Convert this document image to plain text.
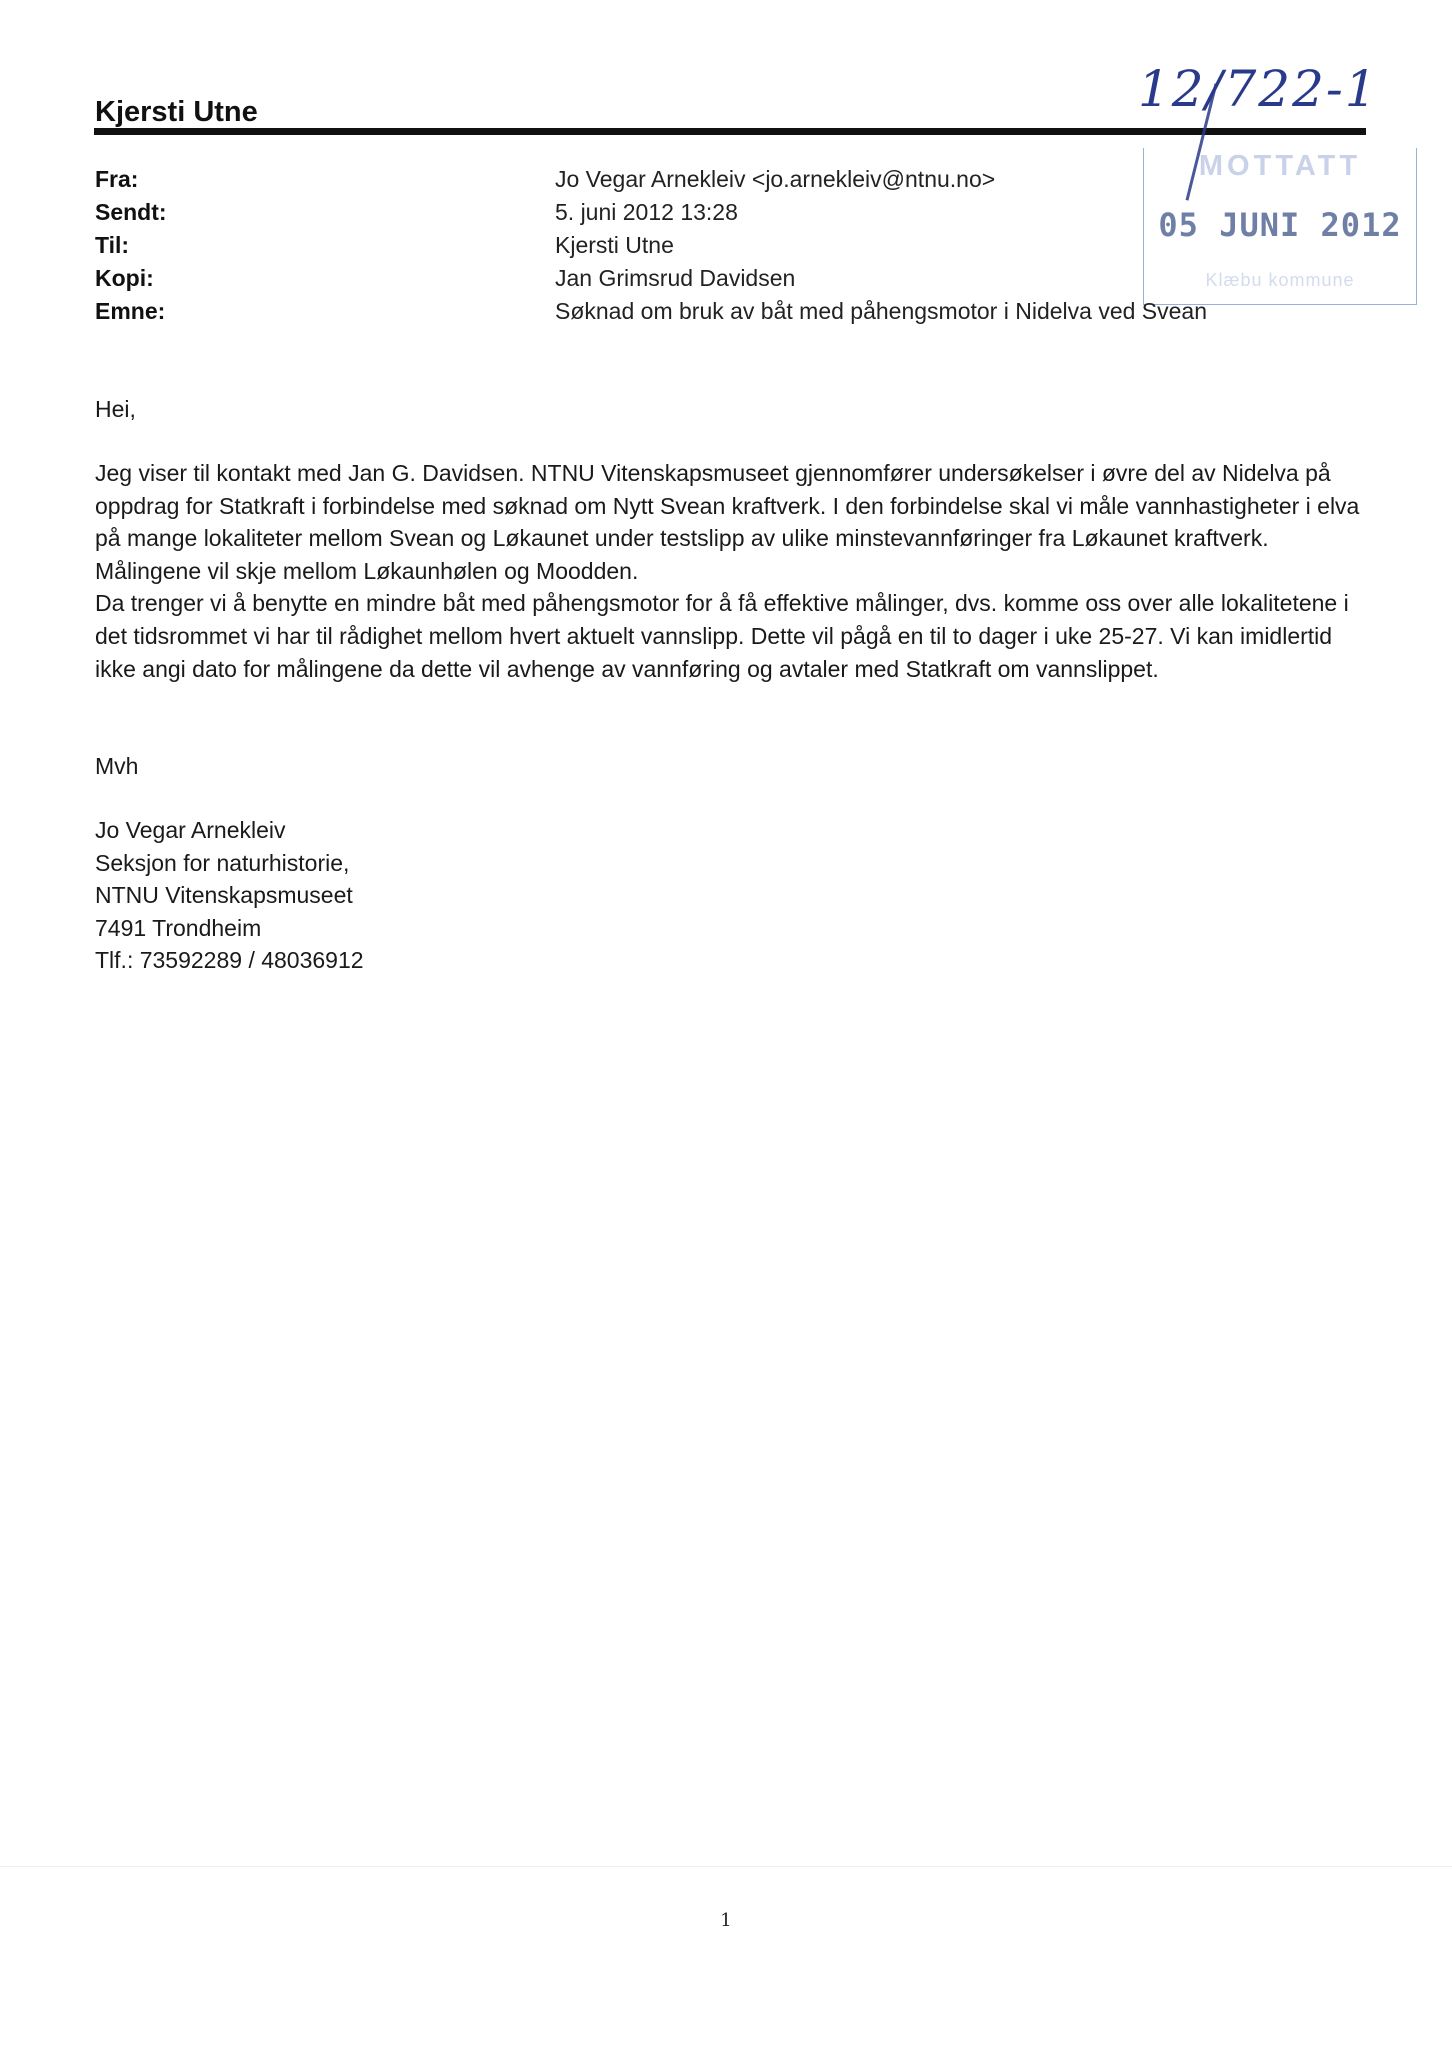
Kjersti Utne	12/722-1
MOTTATT
05 JUNI 2012
Klæbu kommune
Fra:	Jo Vegar Arnekleiv <jo.arnekleiv@ntnu.no>
Sendt:	5. juni 2012 13:28
Til:	Kjersti Utne
Kopi:	Jan Grimsrud Davidsen
Emne:	Søknad om bruk av båt med påhengsmotor i Nidelva ved Svean
Hei,

Jeg viser til kontakt med Jan G. Davidsen. NTNU Vitenskapsmuseet gjennomfører undersøkelser i øvre del av Nidelva på oppdrag for Statkraft i forbindelse med søknad om Nytt Svean kraftverk. I den forbindelse skal vi måle vannhastigheter i elva på mange lokaliteter mellom Svean og Løkaunet under testslipp av ulike minstevannføringer fra Løkaunet kraftverk. Målingene vil skje mellom Løkaunhølen og Moodden.

Da trenger vi å benytte en mindre båt med påhengsmotor for å få effektive målinger, dvs. komme oss over alle lokalitetene i det tidsrommet vi har til rådighet mellom hvert aktuelt vannslipp. Dette vil pågå en til to dager i uke 25-27. Vi kan imidlertid ikke angi dato for målingene da dette vil avhenge av vannføring og avtaler med Statkraft om vannslippet.

Mvh
Jo Vegar Arnekleiv
Seksjon for naturhistorie,
NTNU Vitenskapsmuseet
7491 Trondheim
Tlf.: 73592289 / 48036912
1
